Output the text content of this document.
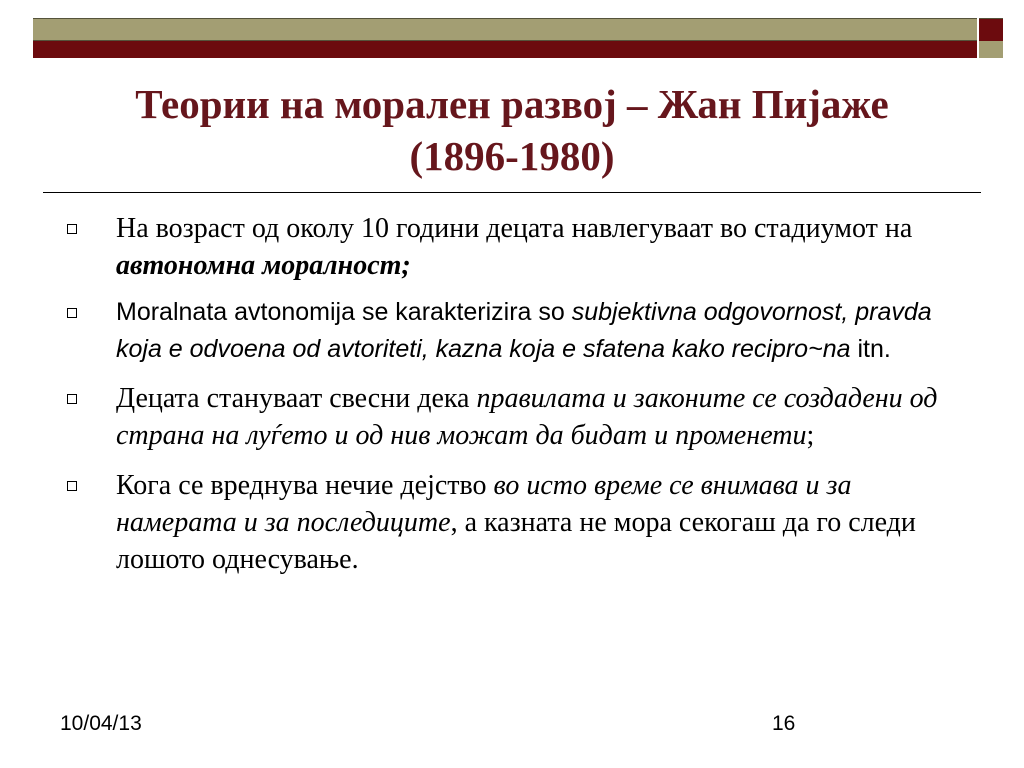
Теории на морален развој – Жан Пијаже
(1896-1980)
На возраст од околу 10 години децата навлегуваат во стадиумот на автономна моралност;
Moralnata avtonomija se karakterizira so subjektivna odgovornost, pravda koja e odvoena od avtoriteti, kazna koja e sfatena kako recipro~na itn.
Децата стануваат свесни дека правилата и законите се создадени од страна на луѓето и од нив можат да бидат и променети;
Кога се вреднува нечие дејство во исто време се внимава и за намерата и за последиците, а казната не мора секогаш да го следи лошото однесување.
10/04/13	16
